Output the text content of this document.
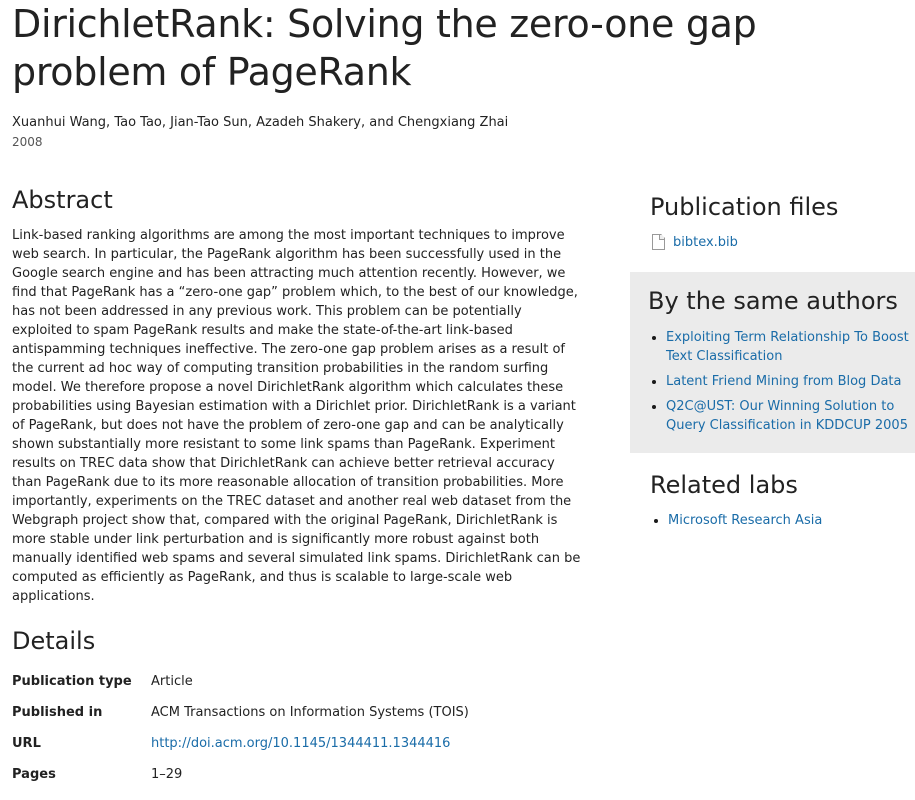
DirichletRank: Solving the zero-one gap problem of PageRank
Xuanhui Wang, Tao Tao, Jian-Tao Sun, Azadeh Shakery, and Chengxiang Zhai
2008
Abstract

Link-based ranking algorithms are among the most important techniques to improve web search. In particular, the PageRank algorithm has been successfully used in the Google search engine and has been attracting much attention recently. However, we find that PageRank has a “zero-one gap” problem which, to the best of our knowledge, has not been addressed in any previous work. This problem can be potentially exploited to spam PageRank results and make the state-of-the-art link-based antispamming techniques ineffective. The zero-one gap problem arises as a result of the current ad hoc way of computing transition probabilities in the random surfing model. We therefore propose a novel DirichletRank algorithm which calculates these probabilities using Bayesian estimation with a Dirichlet prior. DirichletRank is a variant of PageRank, but does not have the problem of zero-one gap and can be analytically shown substantially more resistant to some link spams than PageRank. Experiment results on TREC data show that DirichletRank can achieve better retrieval accuracy than PageRank due to its more reasonable allocation of transition probabilities. More importantly, experiments on the TREC dataset and another real web dataset from the Webgraph project show that, compared with the original PageRank, DirichletRank is more stable under link perturbation and is significantly more robust against both manually identified web spams and several simulated link spams. DirichletRank can be computed as efficiently as PageRank, and thus is scalable to large-scale web applications.

Details
Publication type	Article
Published in	ACM Transactions on Information Systems (TOIS)
URL	http://doi.acm.org/10.1145/1344411.1344416
Pages	1–29
Publication files
bibtex.bib
By the same authors
• Exploiting Term Relationship To Boost Text Classification
• Latent Friend Mining from Blog Data
• Q2C@UST: Our Winning Solution to Query Classification in KDDCUP 2005
Related labs
• Microsoft Research Asia
